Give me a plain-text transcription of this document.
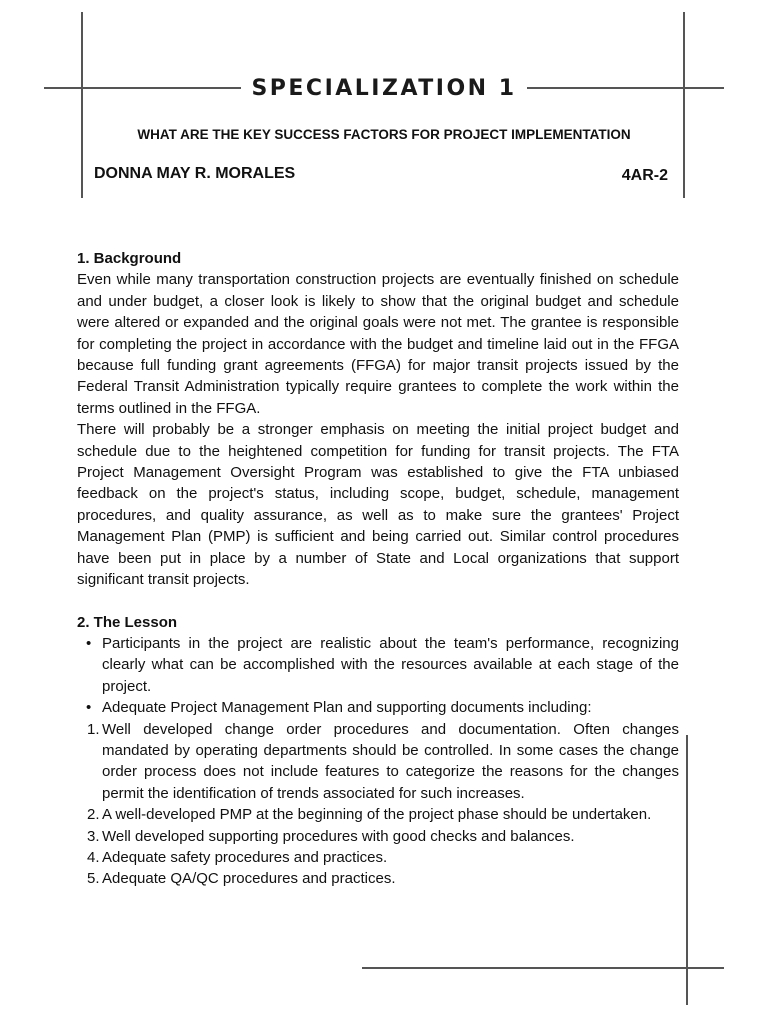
SPECIALIZATION 1
WHAT ARE THE KEY SUCCESS FACTORS FOR PROJECT IMPLEMENTATION
DONNA MAY R. MORALES	4AR-2
1. Background

Even while many transportation construction projects are eventually finished on schedule and under budget, a closer look is likely to show that the original budget and schedule were altered or expanded and the original goals were not met. The grantee is responsible for completing the project in accordance with the budget and timeline laid out in the FFGA because full funding grant agreements (FFGA) for major transit projects issued by the Federal Transit Administration typically require grantees to complete the work within the terms outlined in the FFGA.

There will probably be a stronger emphasis on meeting the initial project budget and schedule due to the heightened competition for funding for transit projects. The FTA Project Management Oversight Program was established to give the FTA unbiased feedback on the project's status, including scope, budget, schedule, management procedures, and quality assurance, as well as to make sure the grantees' Project Management Plan (PMP) is sufficient and being carried out. Similar control procedures have been put in place by a number of State and Local organizations that support significant transit projects.

2. The Lesson
• Participants in the project are realistic about the team's performance, recognizing clearly what can be accomplished with the resources available at each stage of the project.
• Adequate Project Management Plan and supporting documents including:
1. Well developed change order procedures and documentation. Often changes mandated by operating departments should be controlled. In some cases the change order process does not include features to categorize the reasons for the changes permit the identification of trends associated for such increases.
2. A well-developed PMP at the beginning of the project phase should be undertaken.
3. Well developed supporting procedures with good checks and balances.
4. Adequate safety procedures and practices.
5. Adequate QA/QC procedures and practices.
